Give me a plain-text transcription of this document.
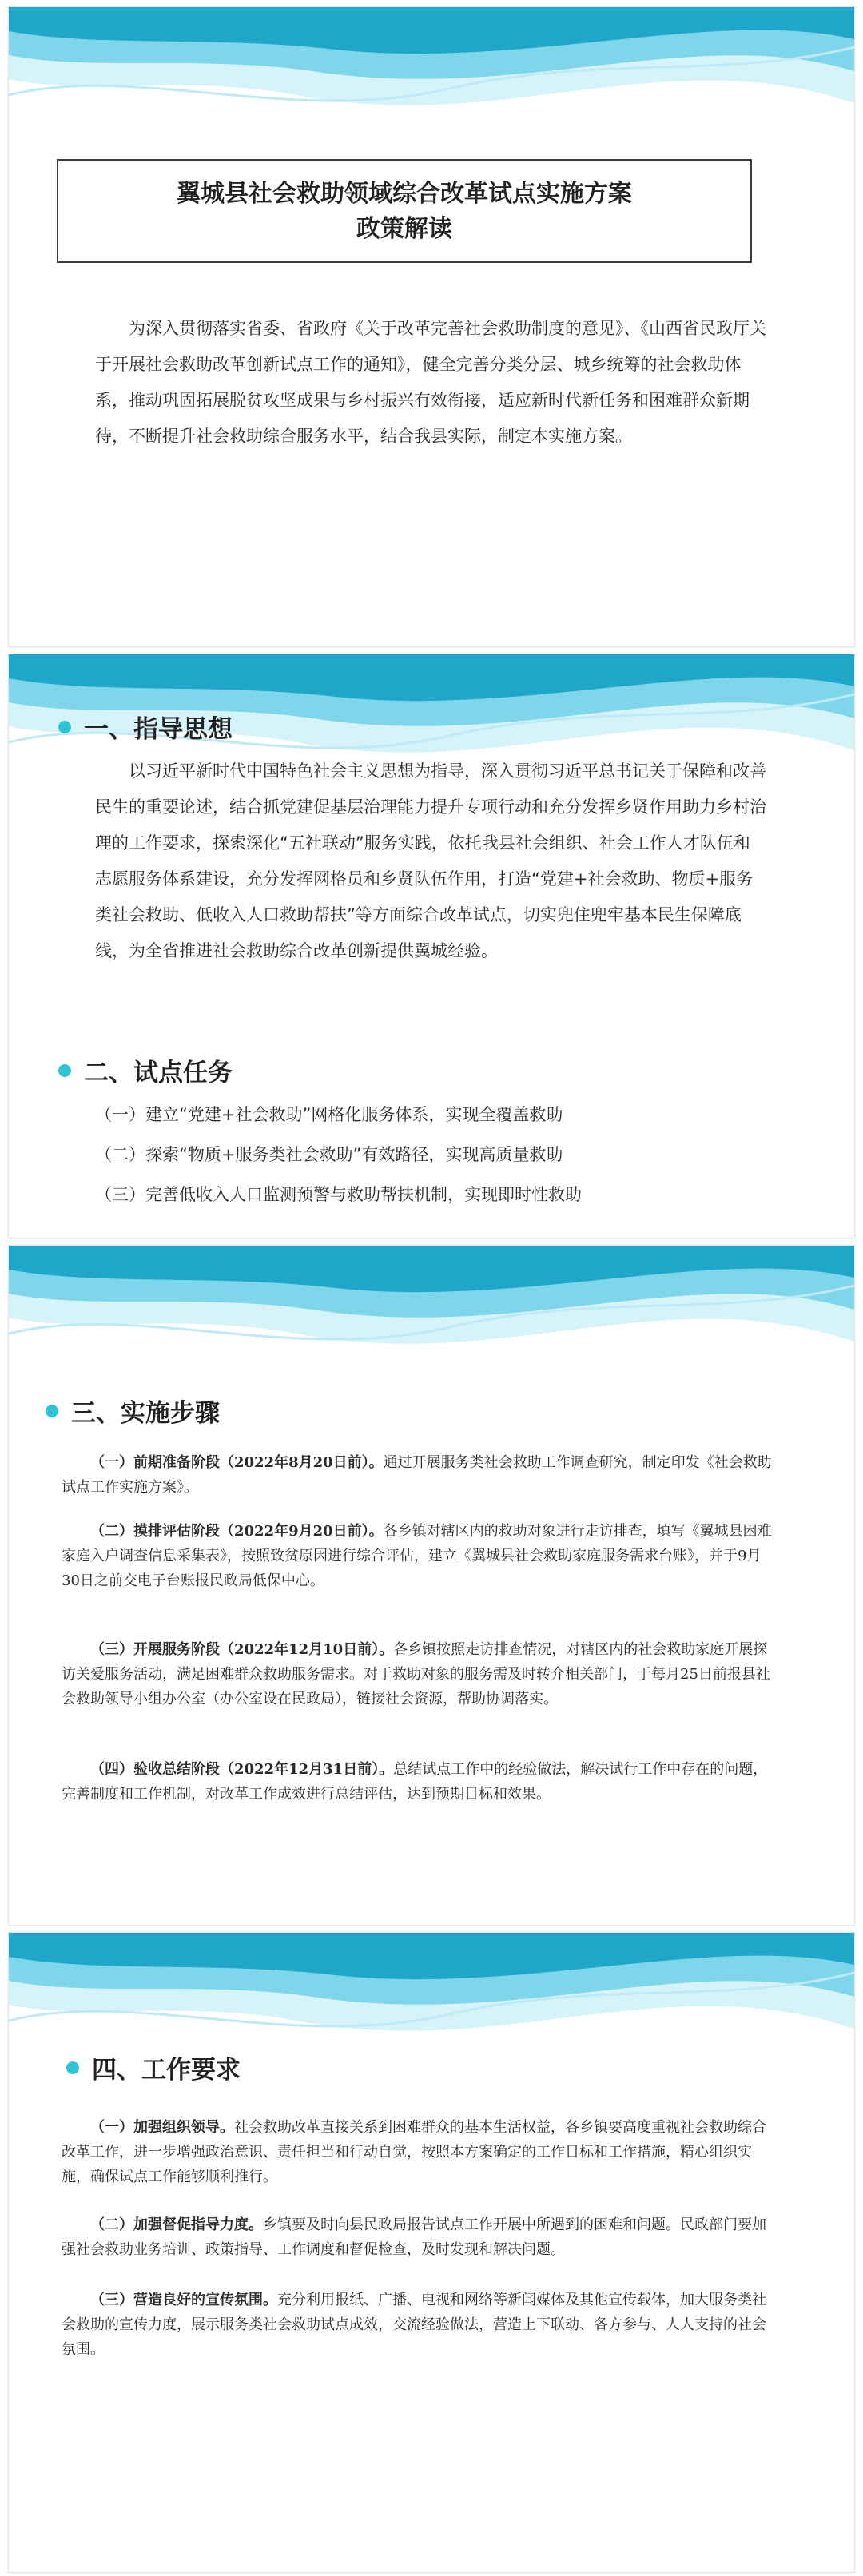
翼城县社会救助领域综合改革试点实施方案
政策解读
为深入贯彻落实省委、省政府《关于改革完善社会救助制度的意见》、《山西省民政厅关于开展社会救助改革创新试点工作的通知》，健全完善分类分层、城乡统筹的社会救助体系，推动巩固拓展脱贫攻坚成果与乡村振兴有效衔接，适应新时代新任务和困难群众新期待，不断提升社会救助综合服务水平，结合我县实际，制定本实施方案。
一、指导思想
以习近平新时代中国特色社会主义思想为指导，深入贯彻习近平总书记关于保障和改善民生的重要论述，结合抓党建促基层治理能力提升专项行动和充分发挥乡贤作用助力乡村治理的工作要求，探索深化“五社联动”服务实践，依托我县社会组织、社会工作人才队伍和志愿服务体系建设，充分发挥网格员和乡贤队伍作用，打造“党建+社会救助、物质+服务类社会救助、低收入人口救助帮扶”等方面综合改革试点，切实兜住兜牢基本民生保障底线，为全省推进社会救助综合改革创新提供翼城经验。
二、试点任务
（一）建立“党建+社会救助”网格化服务体系，实现全覆盖救助
（二）探索“物质+服务类社会救助”有效路径，实现高质量救助
（三）完善低收入人口监测预警与救助帮扶机制，实现即时性救助
三、实施步骤
（一）前期准备阶段（2022年8月20日前）。通过开展服务类社会救助工作调查研究，制定印发《社会救助试点工作实施方案》。
（二）摸排评估阶段（2022年9月20日前）。各乡镇对辖区内的救助对象进行走访排查，填写《翼城县困难家庭入户调查信息采集表》，按照致贫原因进行综合评估，建立《翼城县社会救助家庭服务需求台账》，并于9月30日之前交电子台账报民政局低保中心。
（三）开展服务阶段（2022年12月10日前）。各乡镇按照走访排查情况，对辖区内的社会救助家庭开展探访关爱服务活动，满足困难群众救助服务需求。对于救助对象的服务需及时转介相关部门，于每月25日前报县社会救助领导小组办公室（办公室设在民政局），链接社会资源，帮助协调落实。
（四）验收总结阶段（2022年12月31日前）。总结试点工作中的经验做法，解决试行工作中存在的问题，完善制度和工作机制，对改革工作成效进行总结评估，达到预期目标和效果。
四、工作要求
（一）加强组织领导。社会救助改革直接关系到困难群众的基本生活权益，各乡镇要高度重视社会救助综合改革工作，进一步增强政治意识、责任担当和行动自觉，按照本方案确定的工作目标和工作措施，精心组织实施，确保试点工作能够顺利推行。
（二）加强督促指导力度。乡镇要及时向县民政局报告试点工作开展中所遇到的困难和问题。民政部门要加强社会救助业务培训、政策指导、工作调度和督促检查，及时发现和解决问题。
（三）营造良好的宣传氛围。充分利用报纸、广播、电视和网络等新闻媒体及其他宣传载体，加大服务类社会救助的宣传力度，展示服务类社会救助试点成效，交流经验做法，营造上下联动、各方参与、人人支持的社会氛围。
